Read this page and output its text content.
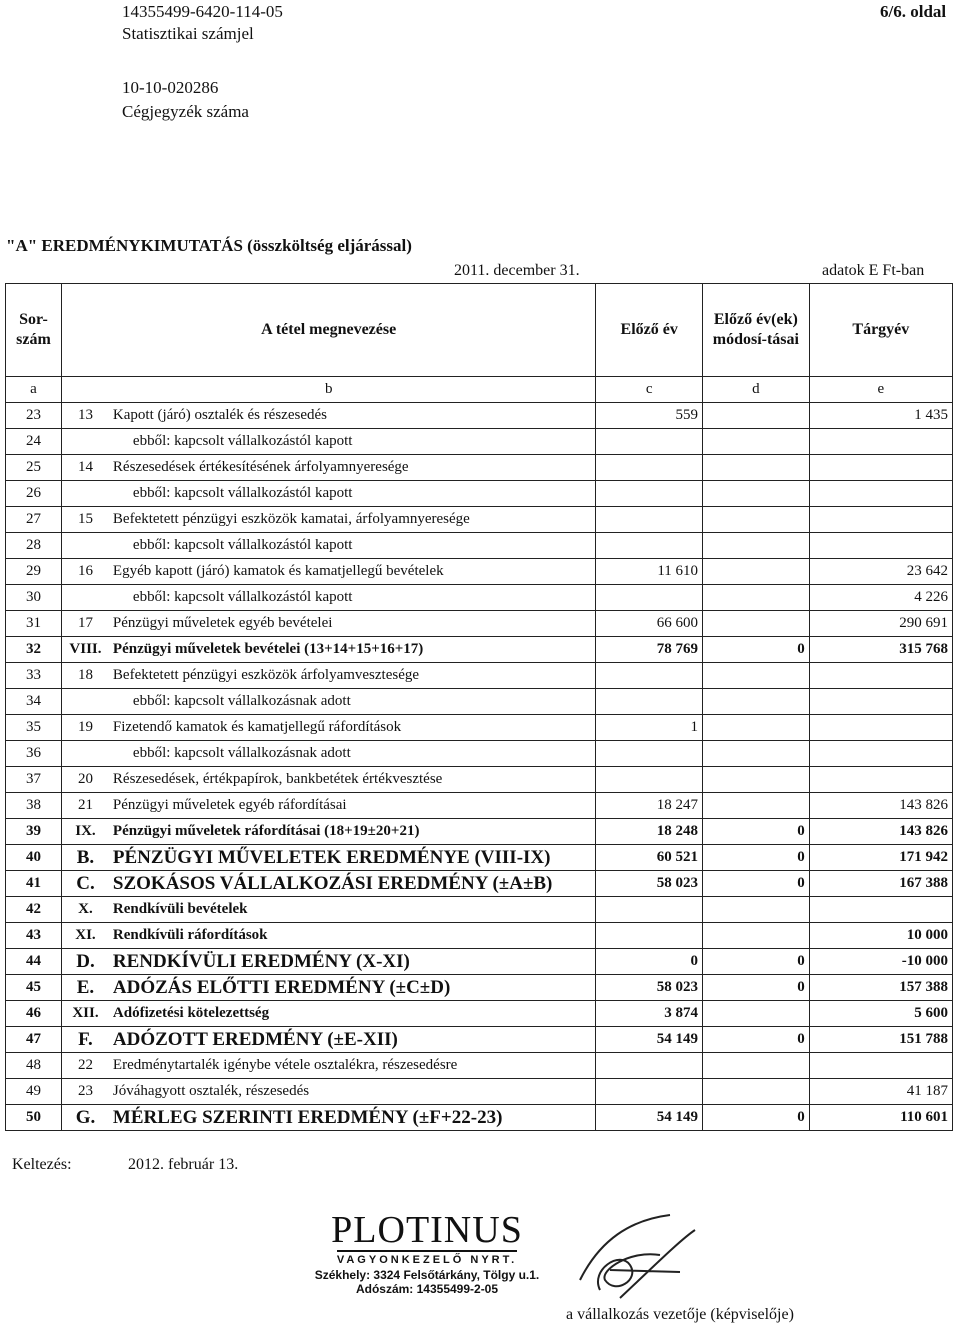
14355499-6420-114-05
Statisztikai számjel
6/6. oldal
10-10-020286
Cégjegyzék száma
"A" EREDMÉNYKIMUTATÁS (összköltség eljárással)
2011. december 31.	adatok E Ft-ban
Sor-
szám	A tétel megnevezése		Előző év	Előző év(ek)
módosí-tásai	Tárgyév
a	b		c	d	e

23	13	Kapott (járó) osztalék és részesedés	559		1 435
24		ebből: kapcsolt vállalkozástól kapott			
25	14	Részesedések értékesítésének árfolyamnyeresége			
26		ebből: kapcsolt vállalkozástól kapott			
27	15	Befektetett pénzügyi eszközök kamatai, árfolyamnyeresége			
28		ebből: kapcsolt vállalkozástól kapott			
29	16	Egyéb kapott (járó) kamatok és kamatjellegű bevételek	11 610		23 642
30		ebből: kapcsolt vállalkozástól kapott			4 226
31	17	Pénzügyi műveletek egyéb bevételei	66 600		290 691
32	VIII.	Pénzügyi műveletek bevételei (13+14+15+16+17)	78 769	0	315 768
33	18	Befektetett pénzügyi eszközök árfolyamvesztesége			
34		ebből: kapcsolt vállalkozásnak adott			
35	19	Fizetendő kamatok és kamatjellegű ráfordítások	1		
36		ebből: kapcsolt vállalkozásnak adott			
37	20	Részesedések, értékpapírok, bankbetétek értékvesztése			
38	21	Pénzügyi műveletek egyéb ráfordításai	18 247		143 826
39	IX.	Pénzügyi műveletek ráfordításai (18+19±20+21)	18 248	0	143 826
40	B.	PÉNZÜGYI MŰVELETEK EREDMÉNYE (VIII-IX)	60 521	0	171 942
41	C.	SZOKÁSOS VÁLLALKOZÁSI EREDMÉNY (±A±B)	58 023	0	167 388
42	X.	Rendkívüli bevételek			
43	XI.	Rendkívüli ráfordítások			10 000
44	D.	RENDKÍVÜLI EREDMÉNY (X-XI)	0	0	-10 000
45	E.	ADÓZÁS ELŐTTI EREDMÉNY (±C±D)	58 023	0	157 388
46	XII.	Adófizetési kötelezettség	3 874		5 600
47	F.	ADÓZOTT EREDMÉNY (±E-XII)	54 149	0	151 788
48	22	Eredménytartalék igénybe vétele osztalékra, részesedésre			
49	23	Jóváhagyott osztalék, részesedés			41 187
50	G.	MÉRLEG SZERINTI EREDMÉNY (±F+22-23)	54 149	0	110 601
Keltezés:	2012. február 13.
PLOTINUS
VAGYONKEZELŐ NYRT.
Székhely: 3324 Felsőtárkány, Tölgy u.1.
Adószám: 14355499-2-05
a vállalkozás vezetője (képviselője)
